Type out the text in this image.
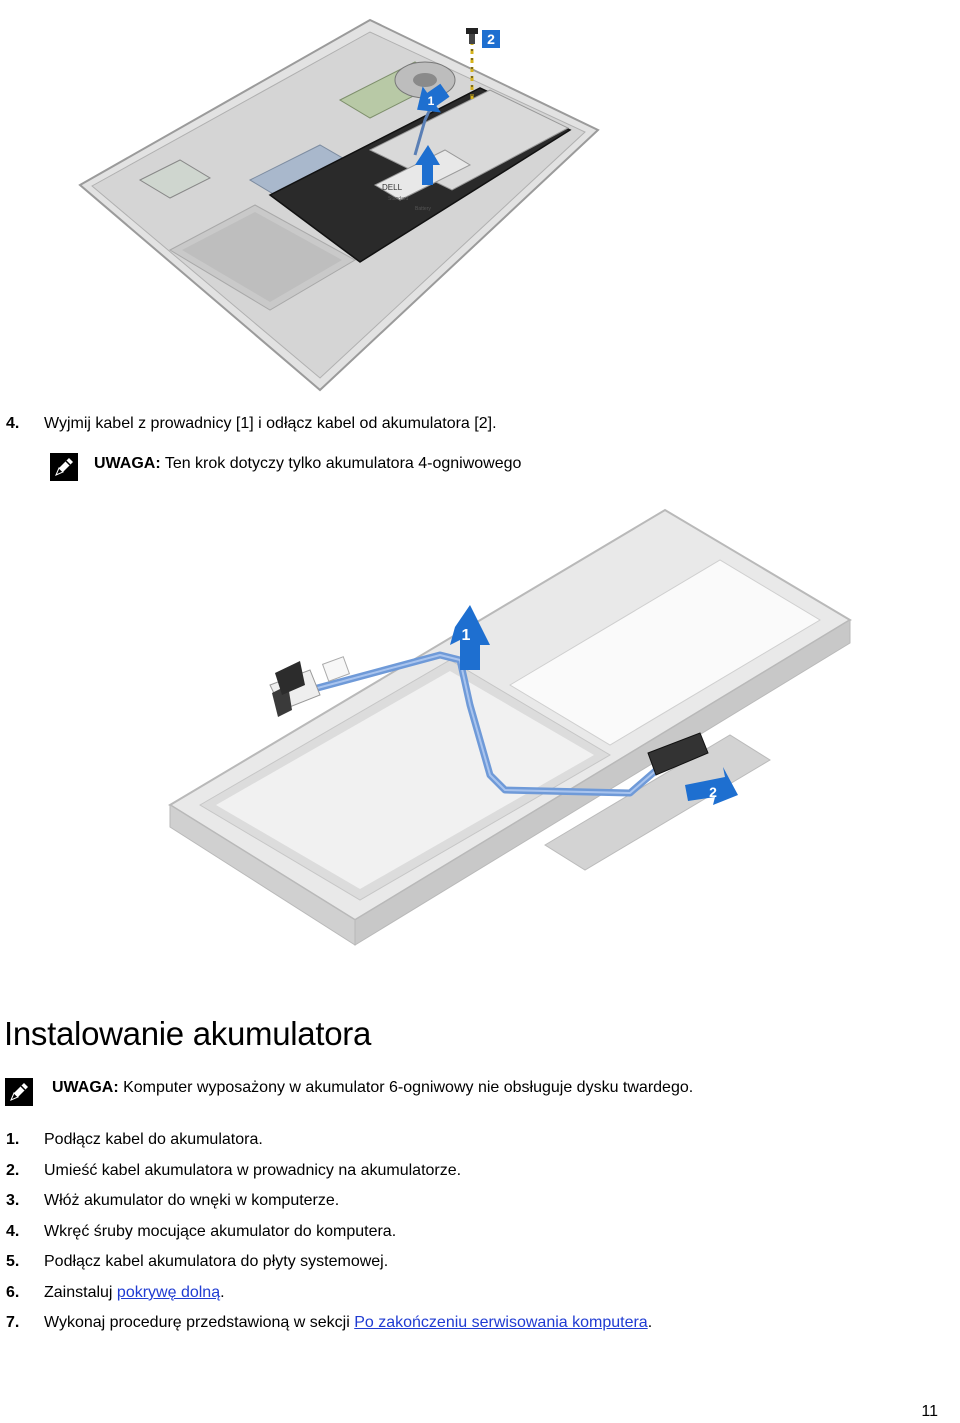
DELL
Standard
Battery
2
1
4. Wyjmij kabel z prowadnicy [1] i odłącz kabel od akumulatora [2].
UWAGA: Ten krok dotyczy tylko akumulatora 4-ogniwowego
1
2
Instalowanie akumulatora
UWAGA: Komputer wyposażony w akumulator 6-ogniwowy nie obsługuje dysku twardego.
1. Podłącz kabel do akumulatora.
2. Umieść kabel akumulatora w prowadnicy na akumulatorze.
3. Włóż akumulator do wnęki w komputerze.
4. Wkręć śruby mocujące akumulator do komputera.
5. Podłącz kabel akumulatora do płyty systemowej.
6. Zainstaluj pokrywę dolną.
7. Wykonaj procedurę przedstawioną w sekcji Po zakończeniu serwisowania komputera.
11
